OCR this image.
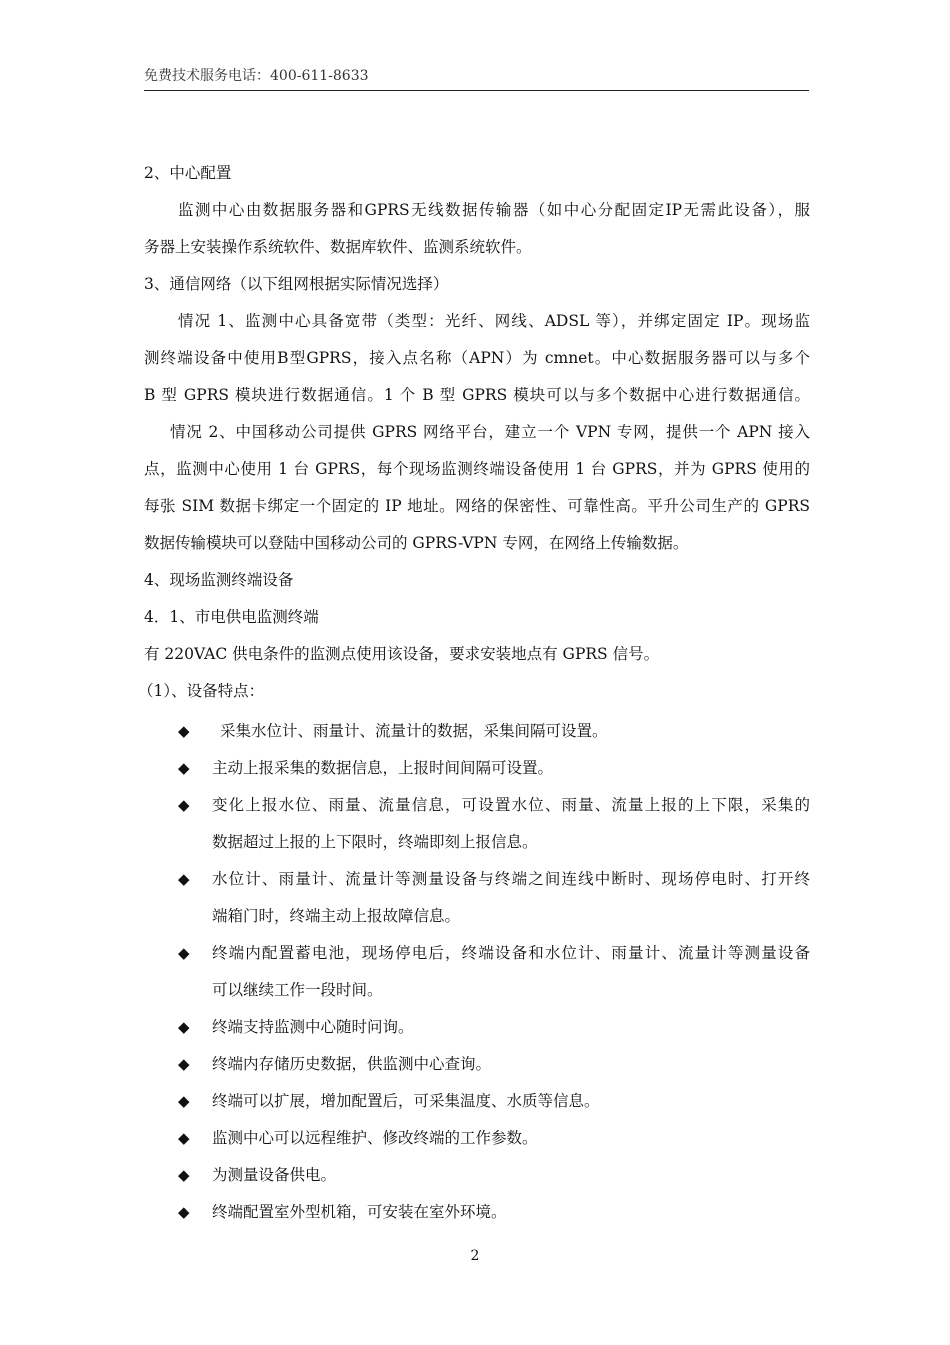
免费技术服务电话：400-611-8633
2、中心配置
监测中心由数据服务器和GPRS无线数据传输器（如中心分配固定IP无需此设备），服
务器上安装操作系统软件、数据库软件、监测系统软件。
3、通信网络（以下组网根据实际情况选择）
情况 1、监测中心具备宽带（类型：光纤、网线、ADSL 等），并绑定固定 IP。现场监
测终端设备中使用B型GPRS，接入点名称（APN）为 cmnet。中心数据服务器可以与多个
B 型 GPRS 模块进行数据通信。1 个 B 型 GPRS 模块可以与多个数据中心进行数据通信。
情况 2、中国移动公司提供 GPRS 网络平台，建立一个 VPN 专网，提供一个 APN 接入
点，监测中心使用 1 台 GPRS，每个现场监测终端设备使用 1 台 GPRS，并为 GPRS 使用的
每张 SIM 数据卡绑定一个固定的 IP 地址。网络的保密性、可靠性高。平升公司生产的 GPRS
数据传输模块可以登陆中国移动公司的 GPRS-VPN 专网，在网络上传输数据。
4、现场监测终端设备
4．1、市电供电监测终端
有 220VAC 供电条件的监测点使用该设备，要求安装地点有 GPRS 信号。
（1）、设备特点：
◆ 采集水位计、雨量计、流量计的数据，采集间隔可设置。
◆ 主动上报采集的数据信息，上报时间间隔可设置。
◆ 变化上报水位、雨量、流量信息，可设置水位、雨量、流量上报的上下限，采集的
数据超过上报的上下限时，终端即刻上报信息。
◆ 水位计、雨量计、流量计等测量设备与终端之间连线中断时、现场停电时、打开终
端箱门时，终端主动上报故障信息。
◆ 终端内配置蓄电池，现场停电后，终端设备和水位计、雨量计、流量计等测量设备
可以继续工作一段时间。
◆ 终端支持监测中心随时问询。
◆ 终端内存储历史数据，供监测中心查询。
◆ 终端可以扩展，增加配置后，可采集温度、水质等信息。
◆ 监测中心可以远程维护、修改终端的工作参数。
◆ 为测量设备供电。
◆ 终端配置室外型机箱，可安装在室外环境。
2
